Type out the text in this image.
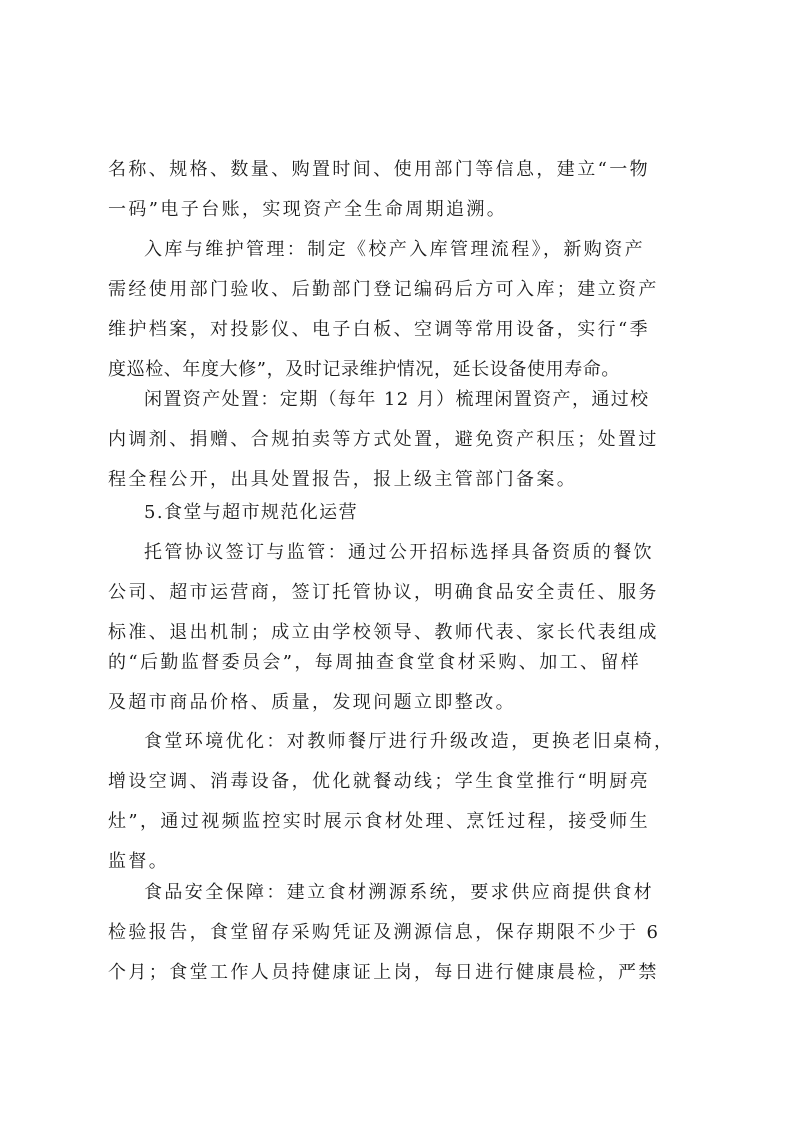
名称、规格、数量、购置时间、使用部门等信息，建立“一物
一码”电子台账，实现资产全生命周期追溯。
入库与维护管理：制定《校产入库管理流程》，新购资产
需经使用部门验收、后勤部门登记编码后方可入库；建立资产
维护档案，对投影仪、电子白板、空调等常用设备，实行“季
度巡检、年度大修”，及时记录维护情况，延长设备使用寿命。
闲置资产处置：定期（每年 12 月）梳理闲置资产，通过校
内调剂、捐赠、合规拍卖等方式处置，避免资产积压；处置过
程全程公开，出具处置报告，报上级主管部门备案。
5.食堂与超市规范化运营
托管协议签订与监管：通过公开招标选择具备资质的餐饮
公司、超市运营商，签订托管协议，明确食品安全责任、服务
标准、退出机制；成立由学校领导、教师代表、家长代表组成
的“后勤监督委员会”，每周抽查食堂食材采购、加工、留样
及超市商品价格、质量，发现问题立即整改。
食堂环境优化：对教师餐厅进行升级改造，更换老旧桌椅，
增设空调、消毒设备，优化就餐动线；学生食堂推行“明厨亮
灶”，通过视频监控实时展示食材处理、烹饪过程，接受师生
监督。
食品安全保障：建立食材溯源系统，要求供应商提供食材
检验报告，食堂留存采购凭证及溯源信息，保存期限不少于 6
个月；食堂工作人员持健康证上岗，每日进行健康晨检，严禁
